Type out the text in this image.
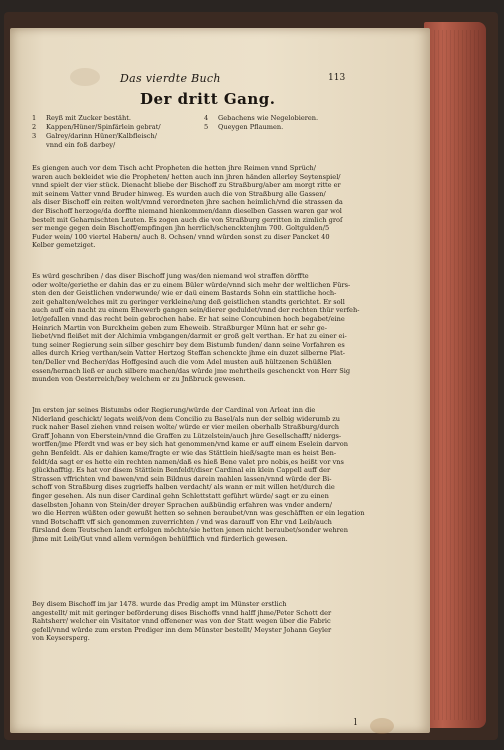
Das vierdte Buch	113
Der dritt Gang.
1 Reyß mit Zucker bestäht.
2 Kappen/Hüner/Spinfärlein gebrat/
3 Galrey/darinn Hüner/Kalbfleisch/
vnnd ein foß darbey/
4 Gebachens wie Negelobieren.
5 Queygen Pflaumen.
Es giengen auch vor dem Tisch acht Propheten die hetten jhre Reimen vnnd Sprüch/
waren auch bekleidet wie die Propheten/ hetten auch inn jhren händen allerley Seytenspiel/
vnnd spielt der vier stück. Dienacht bliebe der Bischoff zu Straßburg/aber am morgt ritte er
mit seinem Vatter vnnd Bruder hinweg. Es wurden auch die von Straßburg alle Gassen/
als diser Bischoff ein reiten wolt/vmnd verordneten jhre sachen heimlich/vnd die strassen da
der Bischoff herzoge/da dorffte niemand hienkommen/dann dieselben Gassen waren gar wol
bestelt mit Geharnischten Leuten. Es zogen auch die von Straßburg gerritten in zimlich groſ
ser menge gegen dein Bischoff/empfingen jhn herrlich/schencktenjhm 700. Goltgulden/5
Fuder wein/ 100 viertel Habern/ auch 8. Ochsen/ vnnd würden sonst zu diser Pancket 40
Kelber gemetziget.
Es würd geschriben / das diser Bischoff jung was/den niemand wol straffen dörffte
oder wolte/geriethe er dahin das er zu einem Büler würde/vnnd sich mehr der weltlichen Fürs-
sten den der Geistlichen vnderwunde/ wie er daü einem Bastards Sohn ein stattliche hoch-
zeit gehalten/welches mit zu geringer verkleine/ung deß geistlichen standts gerichtet. Er soll
auch auff ein nacht zu einem Ehewerb gangen sein/dierer geduldet/vnnd der rechten thür verfeh-
let/gefallen vnnd das recht bein gebrochen habe. Er hat seine Concubinen hoch begabet/eine
Heinrich Martin von Burckheim geben zum Eheweib. Straßburger Münn hat er sehr ge-
liebet/vnd fleißet mit der Alchimia vmbgangen/darmit er groß gelt verthan. Er hat zu einer ei-
tung seiner Regierung sein silber geschirr bey dem Bistumb funden/ dann seine Vorfahren es
alles durch Krieg verthan/sein Vatter Hertzog Steffan schenckte jhme ein duzet silberne Plat-
ten/Deller vnd Becher/das Hoffgesind auch die vom Adel musten auß hültzenen Schüßlen
essen/hernach ließ er auch silbere machen/das würde jme mehrtheils geschenckt von Herr Sig
munden von Oesterreich/bey welchem er zu Jnßbruck gewesen.
Jm ersten jar seines Bistumbs oder Regierung/würde der Cardinal von Arleat inn die
Niderland geschickt/ legats weiß/von dem Concilio zu Basel/als nun der selbig widerumb zu
ruck naher Basel ziehen vnnd reisen wolte/ würde er vier meilen oberhalb Straßburg/durch
Graff Johann von Eberstein/vnnd die Graffen zu Lützelstein/auch jhre Gesellschafft/ nidergs-
worffen/jme Pferdt vnd was er bey sich hat genommen/vnd kame er auff einem Eselein darvon
gehn Benfeldt. Als er dahien kame/fragte er wie das Stättlein hieß/sagte man es heist Ben-
feldt/da sagt er es hette ein rechten namen/daß es hieß Bene valet pro nobis,es heißt vor vns
glückhafftig. Es hat vor disem Stättlein Benfeldt/diser Cardinal ein klein Cappell auff der
Strassen vffrichten vnd bawen/vnd sein Bildnus darein mahlen lassen/vnnd würde der Bi-
schoff von Straßburg dises zugrieffs halben verdacht/ als wann er mit willen het/durch die
finger gesehen. Als nun diser Cardinal gehn Schlettstatt geführt würde/ sagt er zu einen
daselbsten Johann von Stein/der dreyer Sprachen außbündig erfahren was vnder andern/
wo die Herren wüßten oder gewußt hetten so sehnen beraubet/vnn was geschäfften er ein legation
vnnd Botschafft vff sich genommen zuverrichten / vnd was darauff von Ehr vnd Leib/auch
fürsland dem Teutschen landt erfolgen möchte/sie hetten jenen nicht beraubet/sonder wehren
jhme mit Leib/Gut vnnd allem vermögen behülfflich vnd fürderlich gewesen.
Bey disem Bischoff im jar 1478. wurde das Predig ampt im Münster erstlich
angestellt/ mit mit geringer beförderung dises Bischoffs vnnd halff jhme/Peter Schott der
Rahtsherr/ welcher ein Visitator vnnd offenener was von der Statt wegen über die Fabric
gefell/vnnd würde zum ersten Prediger inn dem Münster bestellt/ Meyster Johann Geyler
von Keysersperg.
l
